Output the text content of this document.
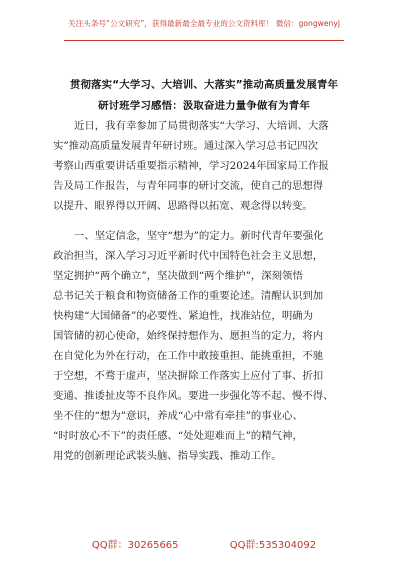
关注头条号“公文研究”，获得最新最全最专业的公文资料库！ 微信：gongwenyj
贯彻落实“大学习、大培训、大落实”推动高质量发展青年
研讨班学习感悟：汲取奋进力量争做有为青年
近日，我有幸参加了局贯彻落实“大学习、大培训、大落
实”推动高质量发展青年研讨班。通过深入学习总书记四次
考察山西重要讲话重要指示精神，学习2024年国家局工作报
告及局工作报告，与青年同事的研讨交流，使自己的思想得
以提升、眼界得以开阔、思路得以拓宽、观念得以转变。
一、坚定信念，坚守“想为”的定力。新时代青年要强化
政治担当，深入学习习近平新时代中国特色社会主义思想，
坚定拥护“两个确立”，坚决做到“两个维护”，深刻领悟
总书记关于粮食和物资储备工作的重要论述。清醒认识到加
快构建“大国储备”的必要性、紧迫性，找准站位，明确为
国管储的初心使命，始终保持想作为、愿担当的定力，将内
在自觉化为外在行动，在工作中敢接重担、能挑重担，不驰
于空想，不骛于虚声，坚决摒除工作落实上应付了事、折扣
变通、推诿扯皮等不良作风。要进一步强化等不起、慢不得、
坐不住的“想为”意识，养成“心中常有牵挂”的事业心、
“时时放心不下”的责任感、“处处迎难而上”的精气神，
用党的创新理论武装头脑、指导实践、推动工作。
QQ群：30265665	QQ群:535304092
